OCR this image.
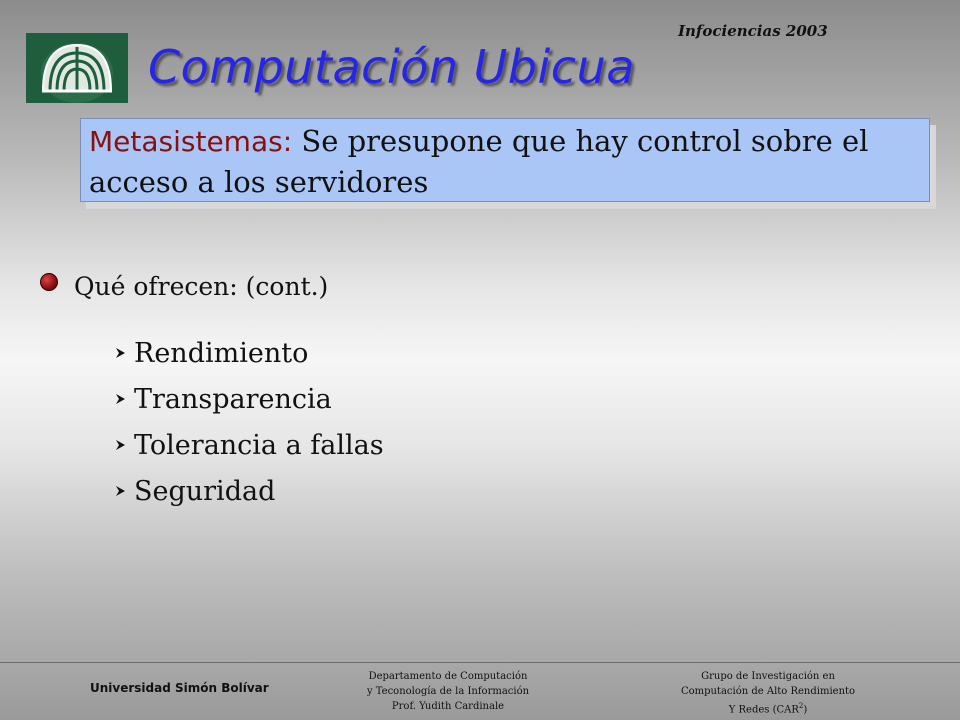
Infociencias 2003
Computación Ubicua
Metasistemas: Se presupone que hay control sobre el acceso a los servidores
Qué ofrecen: (cont.)
Rendimiento
Transparencia
Tolerancia a fallas
Seguridad
Universidad Simón Bolívar
Departamento de Computación
y Teconología de la Información
Prof. Yudith Cardinale
Grupo de Investigación en
Computación de Alto Rendimiento
Y Redes (CAR$^2$)
